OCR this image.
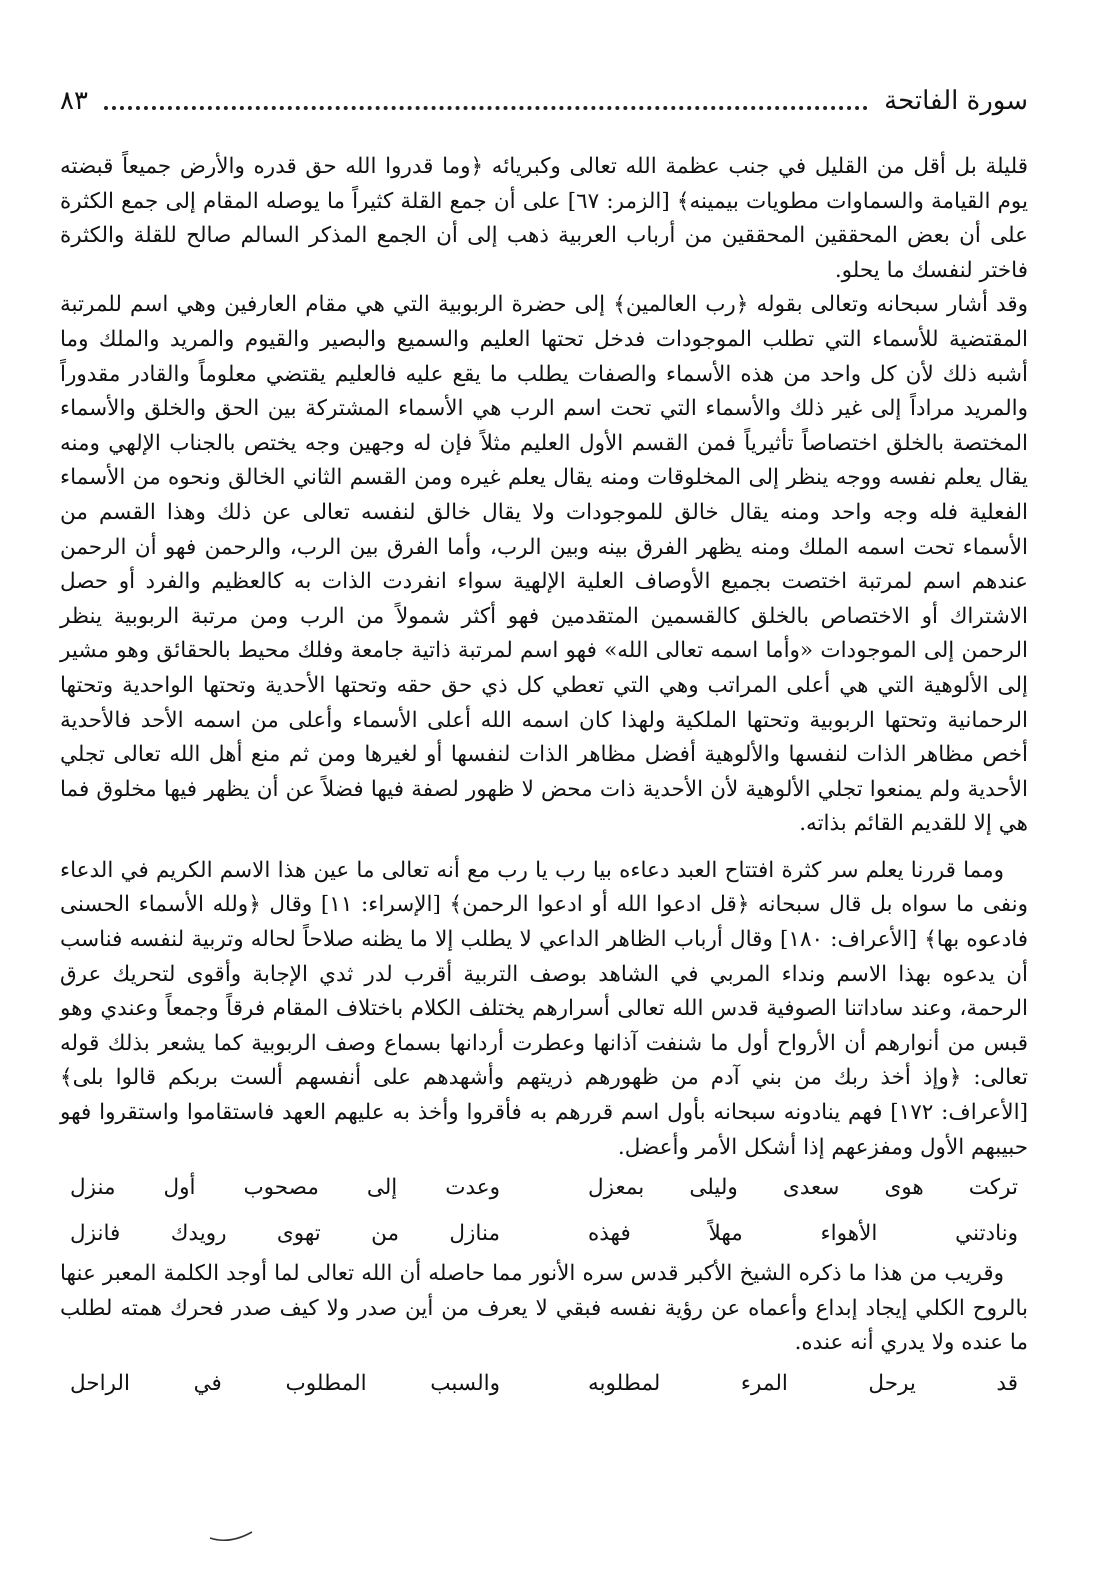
سورة الفاتحة
٨٣

قليلة بل أقل من القليل في جنب عظمة الله تعالى وكبريائه ﴿وما قدروا الله حق قدره والأرض جميعاً قبضته يوم القيامة والسماوات مطويات بيمينه﴾ [الزمر: ٦٧] على أن جمع القلة كثيراً ما يوصله المقام إلى جمع الكثرة على أن بعض المحققين المحققين من أرباب العربية ذهب إلى أن الجمع المذكر السالم صالح للقلة والكثرة فاختر لنفسك ما يحلو.

وقد أشار سبحانه وتعالى بقوله ﴿رب العالمين﴾ إلى حضرة الربوبية التي هي مقام العارفين وهي اسم للمرتبة المقتضية للأسماء التي تطلب الموجودات فدخل تحتها العليم والسميع والبصير والقيوم والمريد والملك وما أشبه ذلك لأن كل واحد من هذه الأسماء والصفات يطلب ما يقع عليه فالعليم يقتضي معلوماً والقادر مقدوراً والمريد مراداً إلى غير ذلك والأسماء التي تحت اسم الرب هي الأسماء المشتركة بين الحق والخلق والأسماء المختصة بالخلق اختصاصاً تأثيرياً فمن القسم الأول العليم مثلاً فإن له وجهين وجه يختص بالجناب الإلهي ومنه يقال يعلم نفسه ووجه ينظر إلى المخلوقات ومنه يقال يعلم غيره ومن القسم الثاني الخالق ونحوه من الأسماء الفعلية فله وجه واحد ومنه يقال خالق للموجودات ولا يقال خالق لنفسه تعالى عن ذلك وهذا القسم من الأسماء تحت اسمه الملك ومنه يظهر الفرق بينه وبين الرب، وأما الفرق بين الرب، والرحمن فهو أن الرحمن عندهم اسم لمرتبة اختصت بجميع الأوصاف العلية الإلهية سواء انفردت الذات به كالعظيم والفرد أو حصل الاشتراك أو الاختصاص بالخلق كالقسمين المتقدمين فهو أكثر شمولاً من الرب ومن مرتبة الربوبية ينظر الرحمن إلى الموجودات «وأما اسمه تعالى الله» فهو اسم لمرتبة ذاتية جامعة وفلك محيط بالحقائق وهو مشير إلى الألوهية التي هي أعلى المراتب وهي التي تعطي كل ذي حق حقه وتحتها الأحدية وتحتها الواحدية وتحتها الرحمانية وتحتها الربوبية وتحتها الملكية ولهذا كان اسمه الله أعلى الأسماء وأعلى من اسمه الأحد فالأحدية أخص مظاهر الذات لنفسها والألوهية أفضل مظاهر الذات لنفسها أو لغيرها ومن ثم منع أهل الله تعالى تجلي الأحدية ولم يمنعوا تجلي الألوهية لأن الأحدية ذات محض لا ظهور لصفة فيها فضلاً عن أن يظهر فيها مخلوق فما هي إلا للقديم القائم بذاته.

ومما قررنا يعلم سر كثرة افتتاح العبد دعاءه بيا رب يا رب مع أنه تعالى ما عين هذا الاسم الكريم في الدعاء ونفى ما سواه بل قال سبحانه ﴿قل ادعوا الله أو ادعوا الرحمن﴾ [الإسراء: ١١] وقال ﴿ولله الأسماء الحسنى فادعوه بها﴾ [الأعراف: ١٨٠] وقال أرباب الظاهر الداعي لا يطلب إلا ما يظنه صلاحاً لحاله وتربية لنفسه فناسب أن يدعوه بهذا الاسم ونداء المربي في الشاهد بوصف التربية أقرب لدر ثدي الإجابة وأقوى لتحريك عرق الرحمة، وعند ساداتنا الصوفية قدس الله تعالى أسرارهم يختلف الكلام باختلاف المقام فرقاً وجمعاً وعندي وهو قبس من أنوارهم أن الأرواح أول ما شنفت آذانها وعطرت أردانها بسماع وصف الربوبية كما يشعر بذلك قوله تعالى: ﴿وإذ أخذ ربك من بني آدم من ظهورهم ذريتهم وأشهدهم على أنفسهم ألست بربكم قالوا بلى﴾ [الأعراف: ١٧٢] فهم ينادونه سبحانه بأول اسم قررهم به فأقروا وأخذ به عليهم العهد فاستقاموا واستقروا فهو حبيبهم الأول ومفزعهم إذا أشكل الأمر وأعضل.

تركت هوى سعدى وليلى بمعزل
وعدت إلى مصحوب أول منزل
ونادتني الأهواء مهلاً فهذه
منازل من تهوى رويدك فانزل

وقريب من هذا ما ذكره الشيخ الأكبر قدس سره الأنور مما حاصله أن الله تعالى لما أوجد الكلمة المعبر عنها بالروح الكلي إيجاد إبداع وأعماه عن رؤية نفسه فبقي لا يعرف من أين صدر ولا كيف صدر فحرك همته لطلب ما عنده ولا يدري أنه عنده.

قد يرحل المرء لمطلوبه
والسبب المطلوب في الراحل
